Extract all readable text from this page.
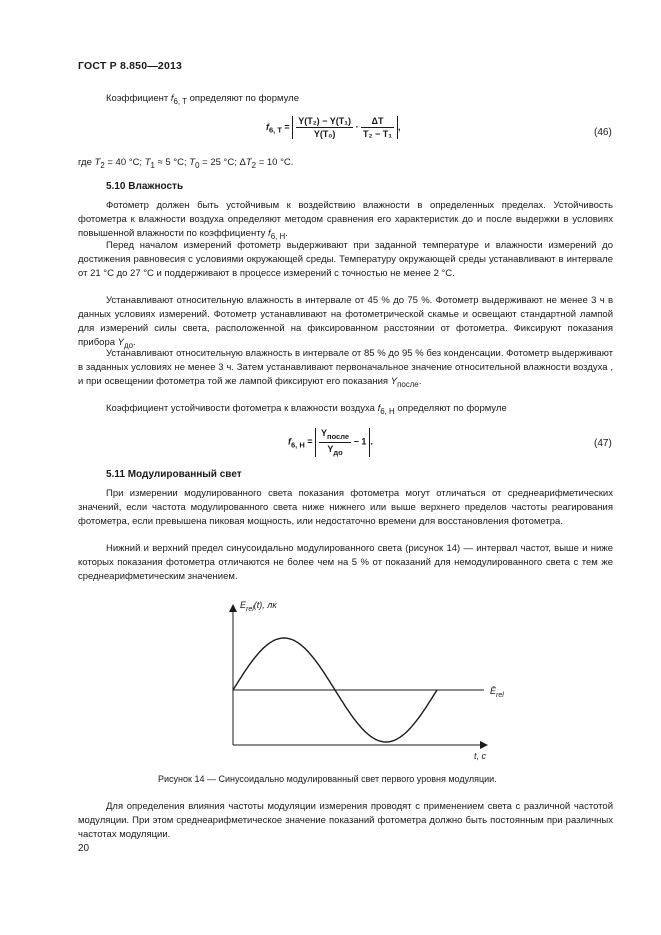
ГОСТ Р 8.850—2013
Коэффициент $f_{6, T}$ определяют по формуле
$f_{6, T} = \frac{\text{Y(T₂) − Y(T₁)}}{\text{Y(T₀)}} \cdot \frac{\Delta T}{\text{T₂ − T₁}}$ ,
(46)
где $T_2 = 40$ °C; $T_1 \approx 5$ °C; $T_0 = 25$ °C; $\Delta T_2 = 10$ °C.
5.10 Влажность
Фотометр должен быть устойчивым к воздействию влажности в определенных пределах. Устойчивость фотометра к влажности воздуха определяют методом сравнения его характеристик до и после выдержки в условиях повышенной влажности по коэффициенту $f_{6, H}$.
Перед началом измерений фотометр выдерживают при заданной температуре и влажности измерений до достижения равновесия с условиями окружающей среды. Температуру окружающей среды устанавливают в интервале от 21 °С до 27 °С и поддерживают в процессе измерений с точностью не менее 2 °С.
Устанавливают относительную влажность в интервале от 45 % до 75 %. Фотометр выдерживают не менее 3 ч в данных условиях измерений. Фотометр устанавливают на фотометрической скамье и освещают стандартной лампой для измерений силы света, расположенной на фиксированном расстоянии от фотометра. Фиксируют показания прибора $Y_{до}$.
Устанавливают относительную влажность в интервале от 85 % до 95 % без конденсации. Фотометр выдерживают в заданных условиях не менее 3 ч. Затем устанавливают первоначальное значение относительной влажности воздуха , и при освещении фотометра той же лампой фиксируют его показания $Y_{после}$.
Коэффициент устойчивости фотометра к влажности воздуха $f_{6, H}$ определяют по формуле
$f_{6, H} = \frac{Y_{после}}{Y_{до}} - 1$ .	(47)
5.11 Модулированный свет
При измерении модулированного света показания фотометра могут отличаться от среднеарифметических значений, если частота модулированного света ниже нижнего или выше верхнего пределов частоты реагирования фотометра, если превышена пиковая мощность, или недостаточно времени для восстановления фотометра.
Нижний и верхний предел синусоидально модулированного света (рисунок 14) — интервал частот, выше и ниже которых показания фотометра отличаются не более чем на 5 % от показаний для немодулированного света с тем же среднеарифметическим значением.
$E_{rel}(t)$, лк
t, c
$Ē_{rel}$
Рисунок 14 — Синусоидально модулированный свет первого уровня модуляции.
Для определения влияния частоты модуляции измерения проводят с применением света с различной частотой модуляции. При этом среднеарифметическое значение показаний фотометра должно быть постоянным при различных частотах модуляции.
20
